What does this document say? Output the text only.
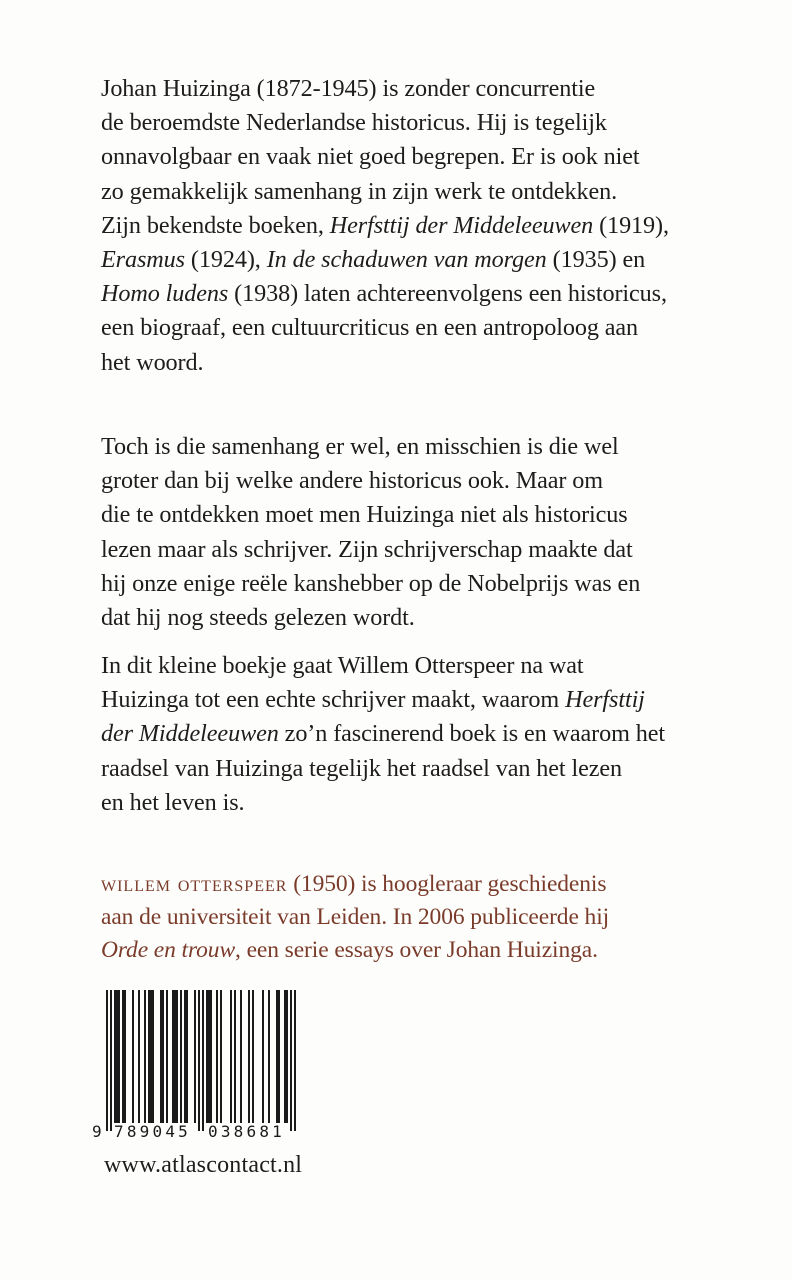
Johan Huizinga (1872-1945) is zonder concurrentie
de beroemdste Nederlandse historicus. Hij is tegelijk
onnavolgbaar en vaak niet goed begrepen. Er is ook niet
zo gemakkelijk samenhang in zijn werk te ontdekken.
Zijn bekendste boeken, Herfsttij der Middeleeuwen (1919),
Erasmus (1924), In de schaduwen van morgen (1935) en
Homo ludens (1938) laten achtereenvolgens een historicus,
een biograaf, een cultuurcriticus en een antropoloog aan
het woord.
Toch is die samenhang er wel, en misschien is die wel
groter dan bij welke andere historicus ook. Maar om
die te ontdekken moet men Huizinga niet als historicus
lezen maar als schrijver. Zijn schrijverschap maakte dat
hij onze enige reële kanshebber op de Nobelprijs was en
dat hij nog steeds gelezen wordt.
In dit kleine boekje gaat Willem Otterspeer na wat
Huizinga tot een echte schrijver maakt, waarom Herfsttij
der Middeleeuwen zo’n fascinerend boek is en waarom het
raadsel van Huizinga tegelijk het raadsel van het lezen
en het leven is.
willem otterspeer (1950) is hoogleraar geschiedenis
aan de universiteit van Leiden. In 2006 publiceerde hij
Orde en trouw, een serie essays over Johan Huizinga.
9 789045 038681
www.atlascontact.nl
